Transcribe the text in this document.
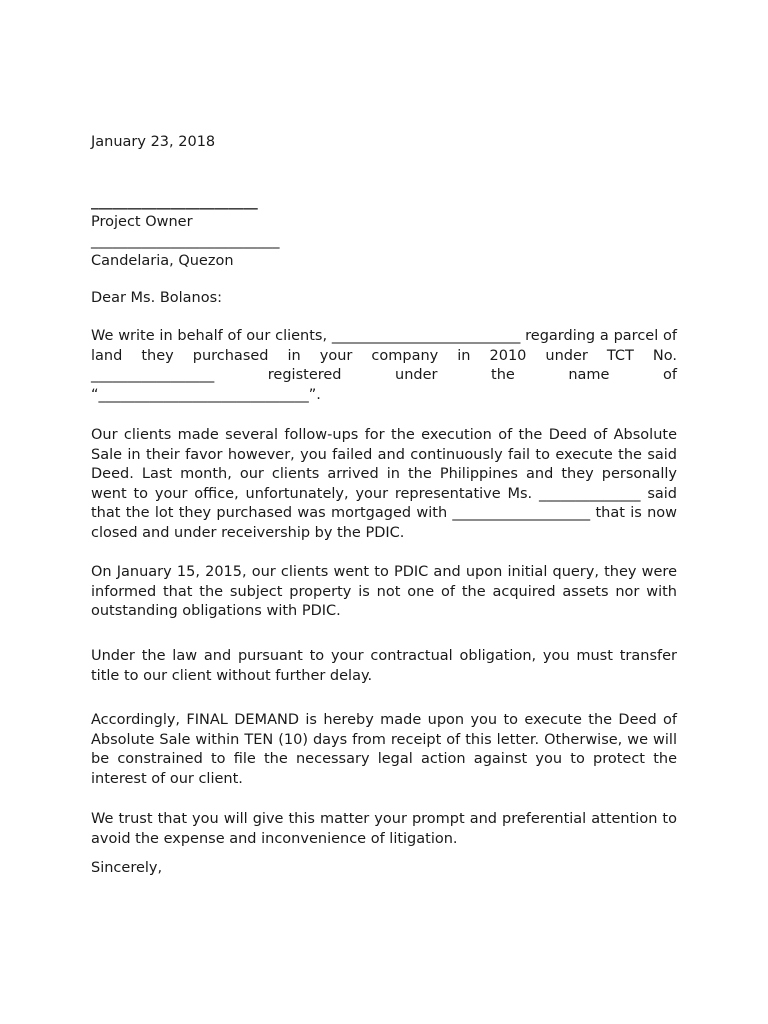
January 23, 2018
_______________________
Project Owner
__________________________
Candelaria, Quezon
Dear Ms. Bolanos:
We write in behalf of our clients, __________________________ regarding a parcel of land they purchased in your company in 2010 under TCT No.
_________________ registered under the name of

“_____________________________”.

Our clients made several follow-ups for the execution of the Deed of Absolute Sale in their favor however, you failed and continuously fail to execute the said Deed. Last month, our clients arrived in the Philippines and they personally went to your office, unfortunately, your representative Ms. ______________ said that the lot they purchased was mortgaged with ___________________ that is now closed and under receivership by the PDIC.

On January 15, 2015, our clients went to PDIC and upon initial query, they were informed that the subject property is not one of the acquired assets nor with outstanding obligations with PDIC.

Under the law and pursuant to your contractual obligation, you must transfer title to our client without further delay.

Accordingly, FINAL DEMAND is hereby made upon you to execute the Deed of Absolute Sale within TEN (10) days from receipt of this letter. Otherwise, we will be constrained to file the necessary legal action against you to protect the interest of our client.

We trust that you will give this matter your prompt and preferential attention to avoid the expense and inconvenience of litigation.

Sincerely,
